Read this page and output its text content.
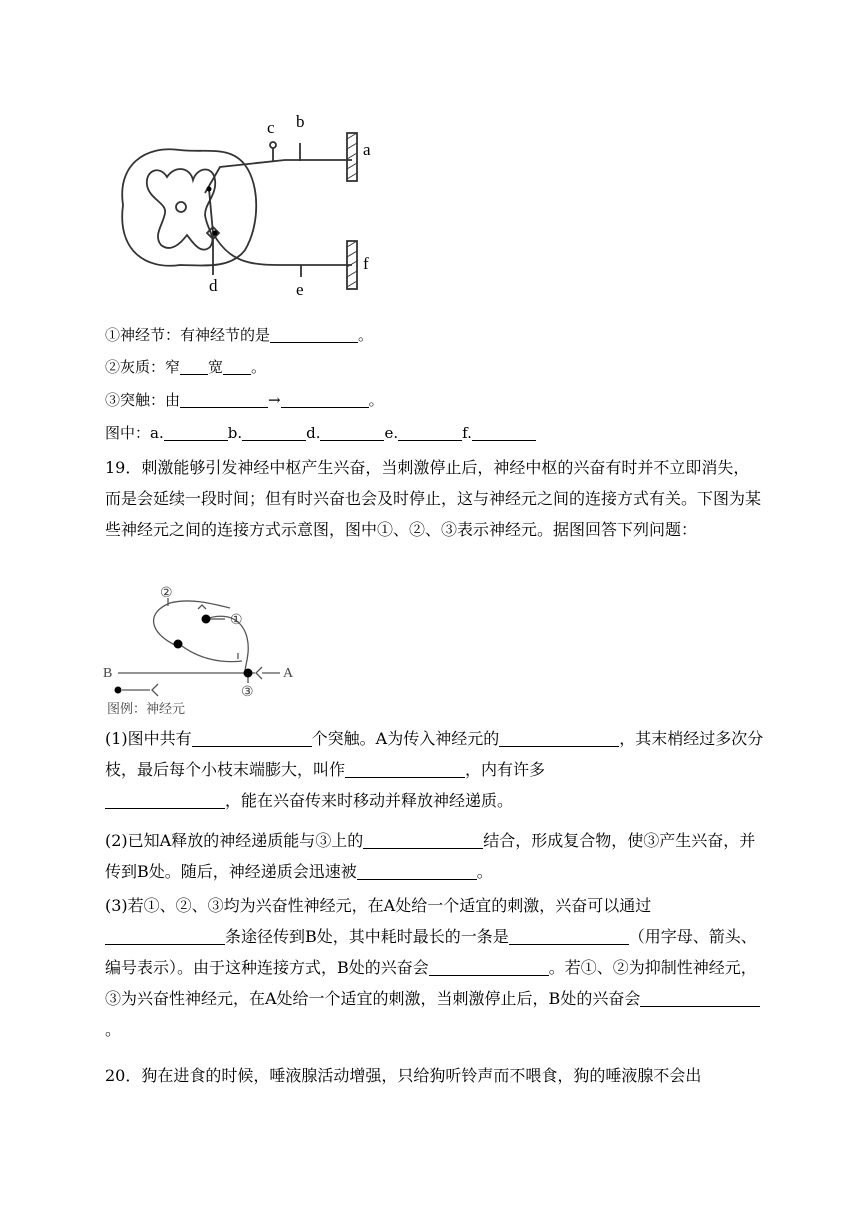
a
b
c
d	e
f
①神经节：有神经节的是	。
②灰质：窄 宽 。
③突触：由	→	。
图中：a.	b.	d.	e.	f.
19．刺激能够引发神经中枢产生兴奋，当刺激停止后，神经中枢的兴奋有时并不立即消失，而是会延续一段时间；但有时兴奋也会及时停止，这与神经元之间的连接方式有关。下图为某些神经元之间的连接方式示意图，图中①、②、③表示神经元。据图回答下列问题：
②
①
③
A
B
图例：神经元
(1)图中共有	个突触。A为传入神经元的	，其末梢经过多次分枝，最后每个小枝末端膨大，叫作	，内有许多
，能在兴奋传来时移动并释放神经递质。
(2)已知A释放的神经递质能与③上的	结合，形成复合物，使③产生兴奋，并传到B处。随后，神经递质会迅速被	。
(3)若①、②、③均为兴奋性神经元，在A处给一个适宜的刺激，兴奋可以通过
条途径传到B处，其中耗时最长的一条是	（用字母、箭头、编号表示）。由于这种连接方式，B处的兴奋会	。若①、②为抑制性神经元，③为兴奋性神经元，在A处给一个适宜的刺激，当刺激停止后，B处的兴奋会。
20．狗在进食的时候，唾液腺活动增强，只给狗听铃声而不喂食，狗的唾液腺不会出
